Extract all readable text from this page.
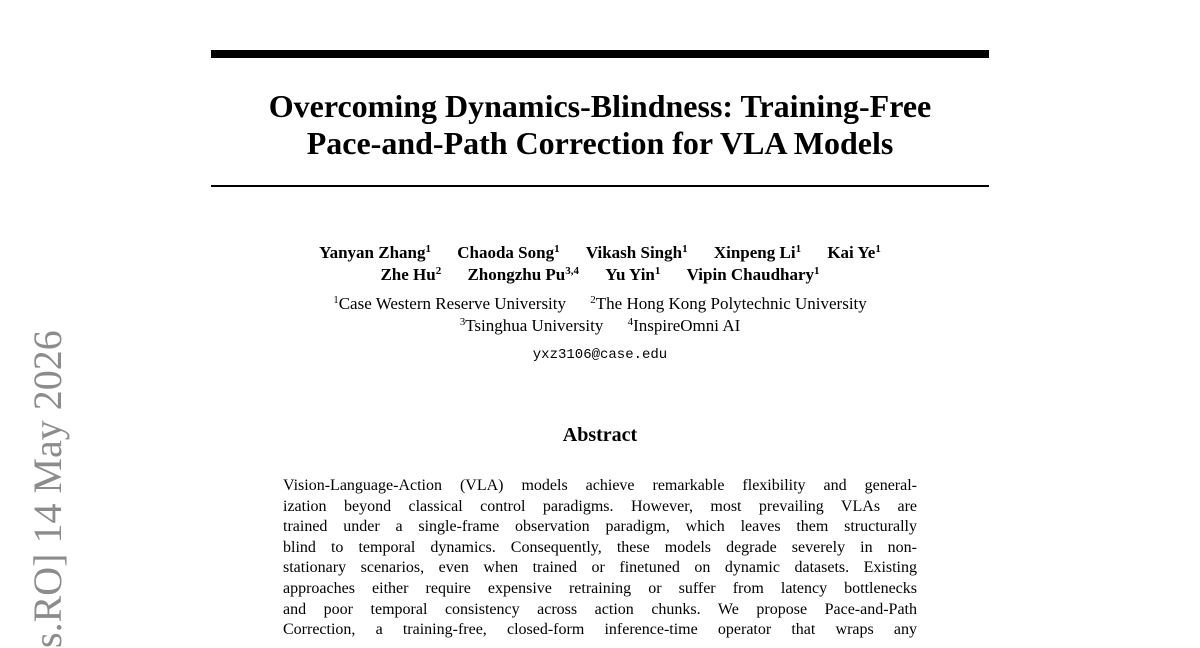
Overcoming Dynamics-Blindness: Training-Free
Pace-and-Path Correction for VLA Models
Yanyan Zhang$^1$ Chaoda Song$^1$ Vikash Singh$^1$ Xinpeng Li$^1$ Kai Ye$^1$
Zhe Hu$^2$ Zhongzhu Pu$^{3,4}$ Yu Yin$^1$ Vipin Chaudhary$^1$
$^1$Case Western Reserve University $^2$The Hong Kong Polytechnic University
$^3$Tsinghua University $^4$InspireOmni AI
yxz3106@case.edu
Abstract
Vision-Language-Action (VLA) models achieve remarkable flexibility and general-
ization beyond classical control paradigms. However, most prevailing VLAs are
trained under a single-frame observation paradigm, which leaves them structurally
blind to temporal dynamics. Consequently, these models degrade severely in non-
stationary scenarios, even when trained or finetuned on dynamic datasets. Existing
approaches either require expensive retraining or suffer from latency bottlenecks
and poor temporal consistency across action chunks. We propose Pace-and-Path
Correction, a training-free, closed-form inference-time operator that wraps any
s.RO] 14 May 2026
